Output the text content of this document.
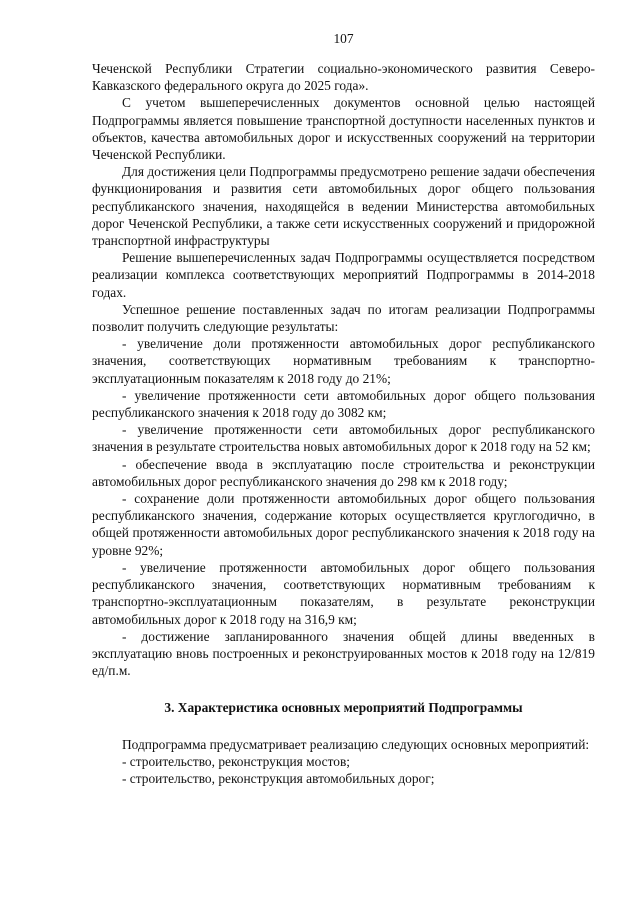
107

Чеченской Республики Стратегии социально-экономического развития Северо-Кавказского федерального округа до 2025 года».

С учетом вышеперечисленных документов основной целью настоящей Подпрограммы является повышение транспортной доступности населенных пунктов и объектов, качества автомобильных дорог и искусственных сооружений на территории Чеченской Республики.

Для достижения цели Подпрограммы предусмотрено решение задачи обеспечения функционирования и развития сети автомобильных дорог общего пользования республиканского значения, находящейся в ведении Министерства автомобильных дорог Чеченской Республики, а также сети искусственных сооружений и придорожной транспортной инфраструктуры

Решение вышеперечисленных задач Подпрограммы осуществляется посредством реализации комплекса соответствующих мероприятий Подпрограммы в 2014-2018 годах.

Успешное решение поставленных задач по итогам реализации Подпрограммы позволит получить следующие результаты:

- увеличение доли протяженности автомобильных дорог республиканского значения, соответствующих нормативным требованиям к транспортно-эксплуатационным показателям к 2018 году до 21%;

- увеличение протяженности сети автомобильных дорог общего пользования республиканского значения к 2018 году до 3082 км;

- увеличение протяженности сети автомобильных дорог республиканского значения в результате строительства новых автомобильных дорог к 2018 году на 52 км;

- обеспечение ввода в эксплуатацию после строительства и реконструкции автомобильных дорог республиканского значения до 298 км к 2018 году;

- сохранение доли протяженности автомобильных дорог общего пользования республиканского значения, содержание которых осуществляется круглогодично, в общей протяженности автомобильных дорог республиканского значения к 2018 году на уровне 92%;

- увеличение протяженности автомобильных дорог общего пользования республиканского значения, соответствующих нормативным требованиям к транспортно-эксплуатационным показателям, в результате реконструкции автомобильных дорог к 2018 году на 316,9 км;

- достижение запланированного значения общей длины введенных в эксплуатацию вновь построенных и реконструированных мостов к 2018 году на 12/819 ед/п.м.

3. Характеристика основных мероприятий Подпрограммы

Подпрограмма предусматривает реализацию следующих основных мероприятий:

- строительство, реконструкция мостов;
- строительство, реконструкция автомобильных дорог;
